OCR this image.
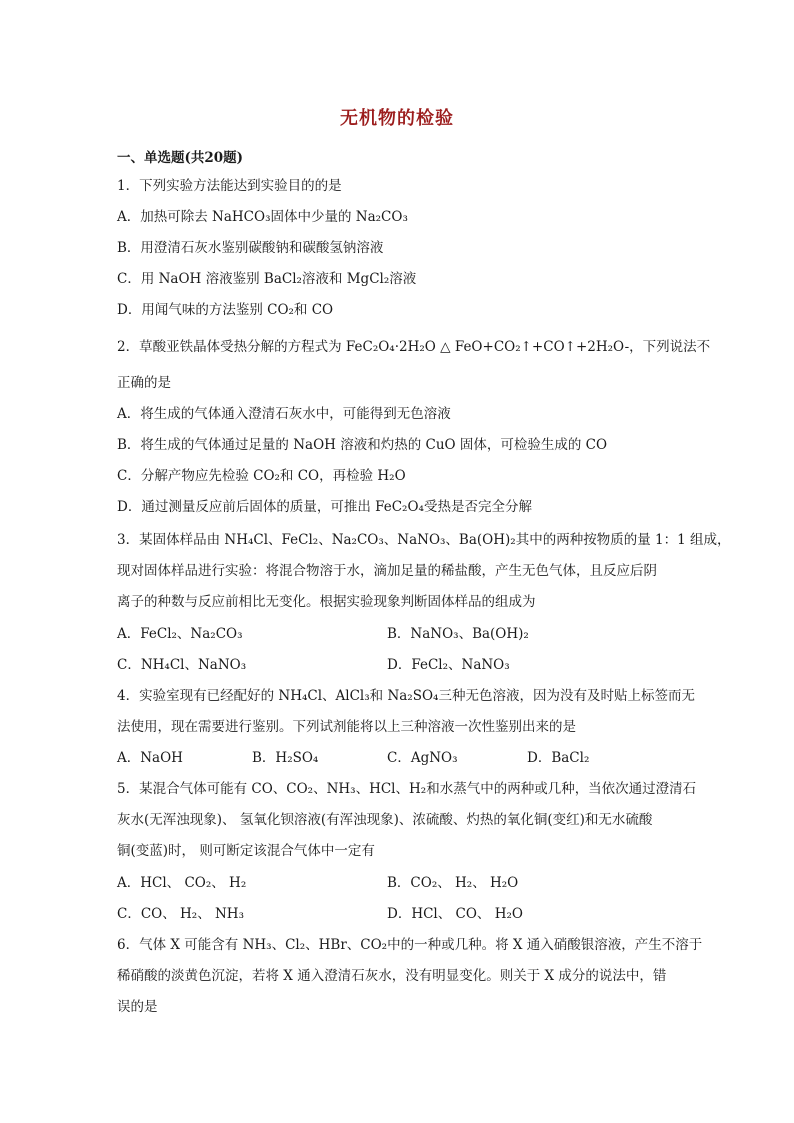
无机物的检验
一、单选题(共20题)
1．下列实验方法能达到实验目的的是
A．加热可除去 NaHCO₃固体中少量的 Na₂CO₃
B．用澄清石灰水鉴别碳酸钠和碳酸氢钠溶液
C．用 NaOH 溶液鉴别 BaCl₂溶液和 MgCl₂溶液
D．用闻气味的方法鉴别 CO₂和 CO
2．草酸亚铁晶体受热分解的方程式为 FeC₂O₄·2H₂O △ FeO+CO₂↑+CO↑+2H₂O-，下列说法不
正确的是
A．将生成的气体通入澄清石灰水中，可能得到无色溶液
B．将生成的气体通过足量的 NaOH 溶液和灼热的 CuO 固体，可检验生成的 CO
C．分解产物应先检验 CO₂和 CO，再检验 H₂O
D．通过测量反应前后固体的质量，可推出 FeC₂O₄受热是否完全分解
3．某固体样品由 NH₄Cl、FeCl₂、Na₂CO₃、NaNO₃、Ba(OH)₂其中的两种按物质的量 1：1 组成，
现对固体样品进行实验：将混合物溶于水，滴加足量的稀盐酸，产生无色气体，且反应后阴
离子的种数与反应前相比无变化。根据实验现象判断固体样品的组成为
A．FeCl₂、Na₂CO₃	B．NaNO₃、Ba(OH)₂
C．NH₄Cl、NaNO₃	D．FeCl₂、NaNO₃
4．实验室现有已经配好的 NH₄Cl、AlCl₃和 Na₂SO₄三种无色溶液，因为没有及时贴上标签而无
法使用，现在需要进行鉴别。下列试剂能将以上三种溶液一次性鉴别出来的是
A．NaOH	B．H₂SO₄	C．AgNO₃	D．BaCl₂
5．某混合气体可能有 CO、CO₂、NH₃、HCl、H₂和水蒸气中的两种或几种，当依次通过澄清石
灰水(无浑浊现象)、 氢氧化钡溶液(有浑浊现象)、浓硫酸、灼热的氧化铜(变红)和无水硫酸
铜(变蓝)时， 则可断定该混合气体中一定有
A．HCl、 CO₂、 H₂	B．CO₂、 H₂、 H₂O
C．CO、 H₂、 NH₃	D．HCl、 CO、 H₂O
6．气体 X 可能含有 NH₃、Cl₂、HBr、CO₂中的一种或几种。将 X 通入硝酸银溶液，产生不溶于
稀硝酸的淡黄色沉淀，若将 X 通入澄清石灰水，没有明显变化。则关于 X 成分的说法中，错
误的是
